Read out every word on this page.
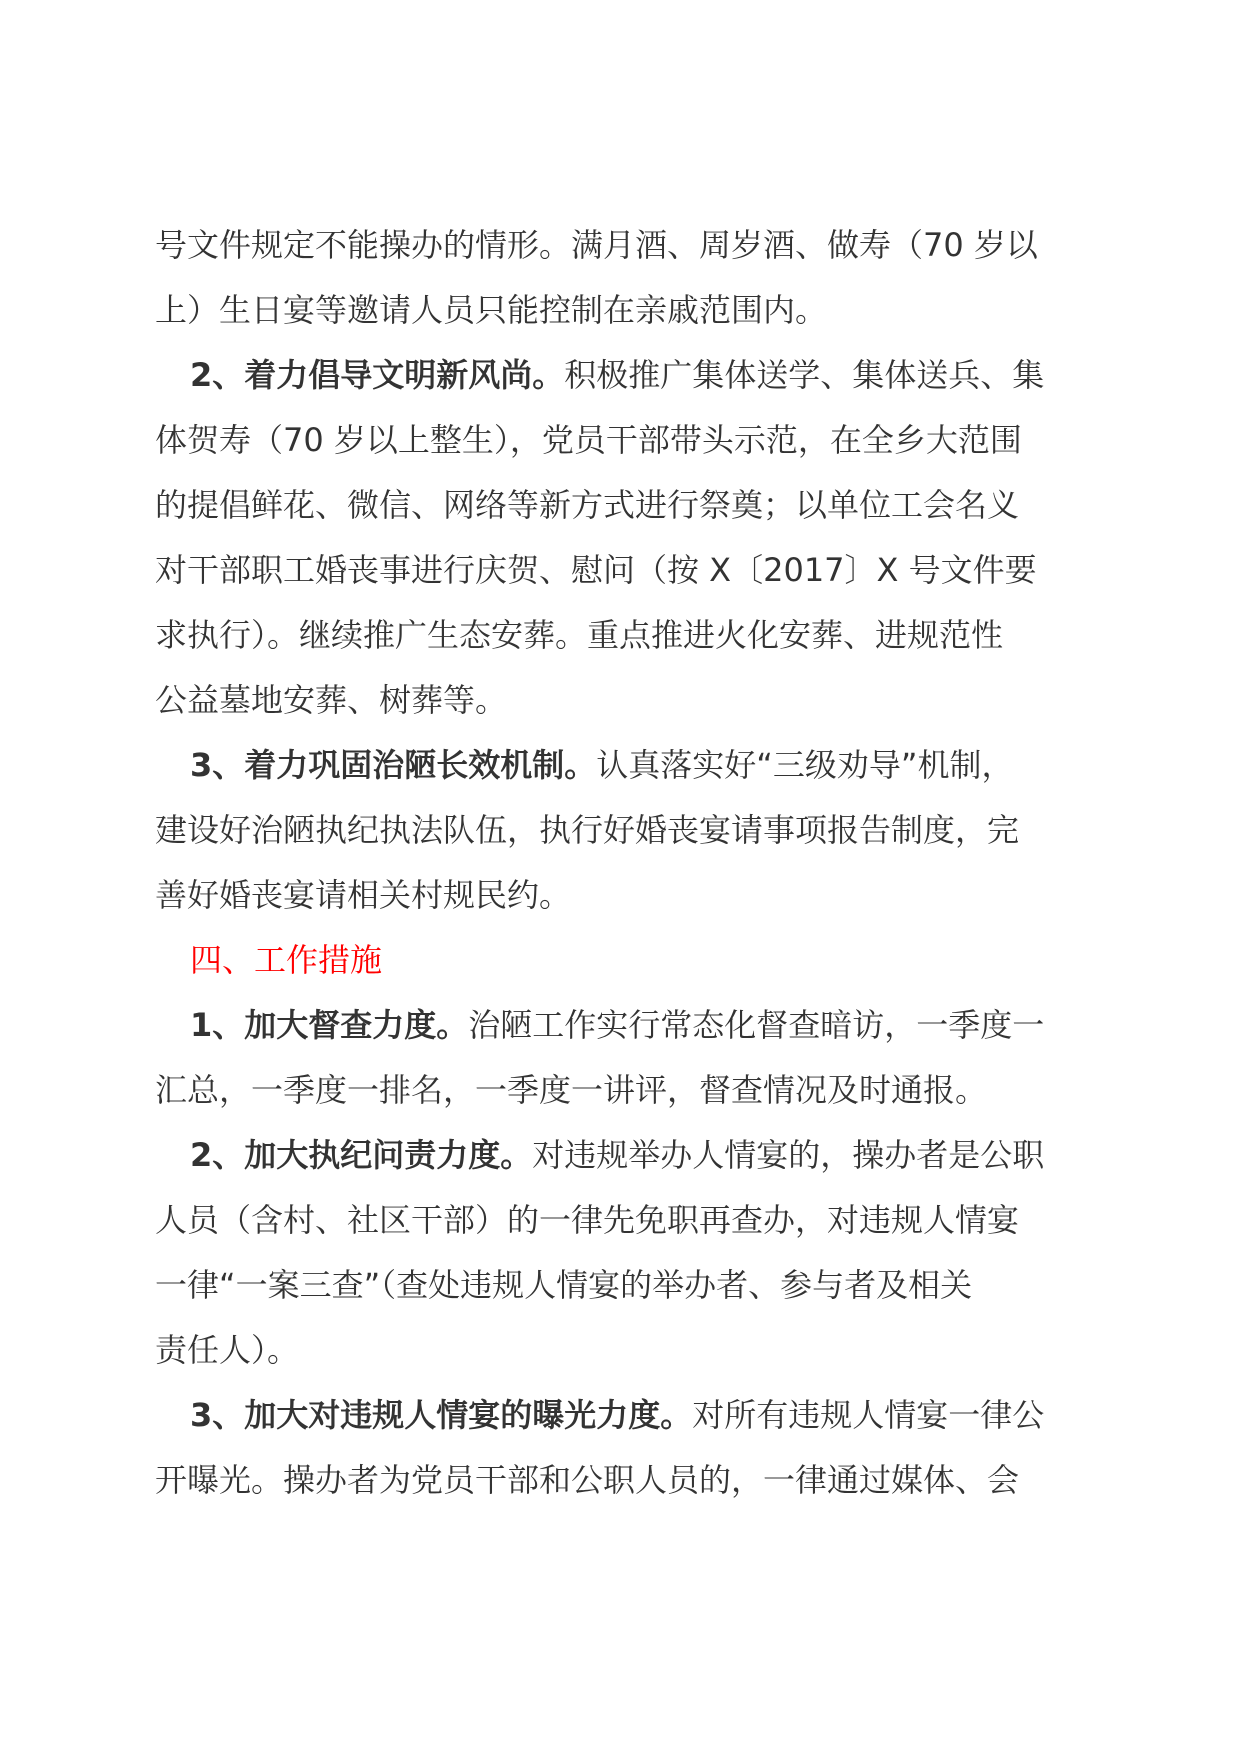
号文件规定不能操办的情形。满月酒、周岁酒、做寿（70 岁以
上）生日宴等邀请人员只能控制在亲戚范围内。
2、着力倡导文明新风尚。积极推广集体送学、集体送兵、集
体贺寿（70 岁以上整生），党员干部带头示范，在全乡大范围
的提倡鲜花、微信、网络等新方式进行祭奠；以单位工会名义
对干部职工婚丧事进行庆贺、慰问（按 X〔2017〕X 号文件要
求执行）。继续推广生态安葬。重点推进火化安葬、进规范性
公益墓地安葬、树葬等。
3、着力巩固治陋长效机制。认真落实好“三级劝导”机制，
建设好治陋执纪执法队伍，执行好婚丧宴请事项报告制度，完
善好婚丧宴请相关村规民约。
四、工作措施
1、加大督查力度。治陋工作实行常态化督查暗访，一季度一
汇总，一季度一排名，一季度一讲评，督查情况及时通报。
2、加大执纪问责力度。对违规举办人情宴的，操办者是公职
人员（含村、社区干部）的一律先免职再查办，对违规人情宴
一律“一案三查”（查处违规人情宴的举办者、参与者及相关
责任人）。
3、加大对违规人情宴的曝光力度。对所有违规人情宴一律公
开曝光。操办者为党员干部和公职人员的，一律通过媒体、会
